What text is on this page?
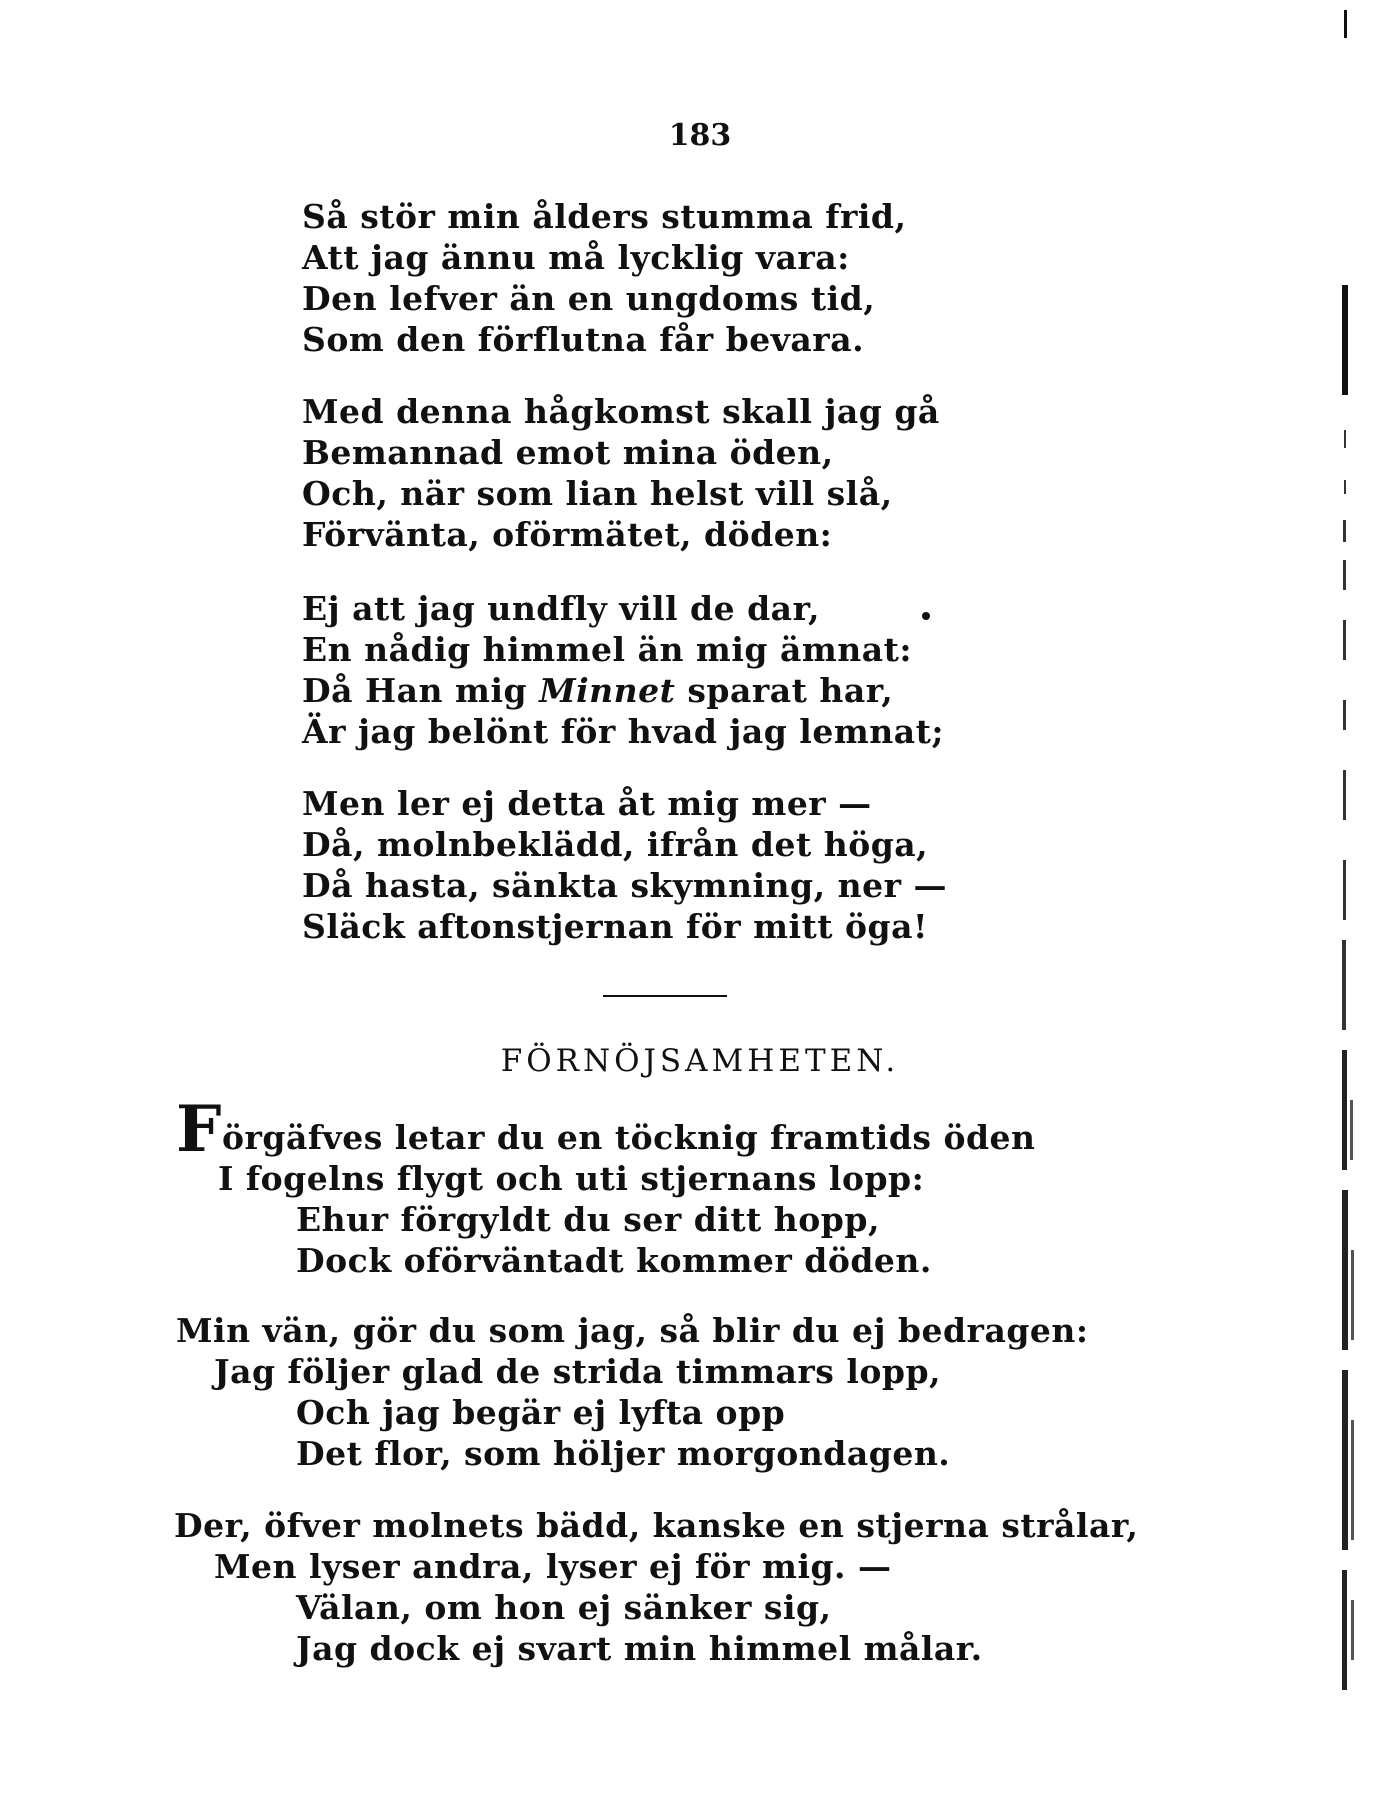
183
Så stör min ålders stumma frid,
Att jag ännu må lycklig vara:
Den lefver än en ungdoms tid,
Som den förflutna får bevara.
Med denna hågkomst skall jag gå
Bemannad emot mina öden,
Och, när som lian helst vill slå,
Förvänta, oförmätet, döden:
Ej att jag undfly vill de dar,
En nådig himmel än mig ämnat:
Då Han mig Minnet sparat har,
Är jag belönt för hvad jag lemnat;
Men ler ej detta åt mig mer —
Då, molnbeklädd, ifrån det höga,
Då hasta, sänkta skymning, ner —
Släck aftonstjernan för mitt öga!
FÖRNÖJSAMHETEN.
F örgäfves letar du en töcknig framtids öden
I fogelns flygt och uti stjernans lopp:
Ehur förgyldt du ser ditt hopp,
Dock oförväntadt kommer döden.
Min vän, gör du som jag, så blir du ej bedragen:
Jag följer glad de strida timmars lopp,
Och jag begär ej lyfta opp
Det flor, som höljer morgondagen.
Der, öfver molnets bädd, kanske en stjerna strålar,
Men lyser andra, lyser ej för mig. —
Välan, om hon ej sänker sig,
Jag dock ej svart min himmel målar.
